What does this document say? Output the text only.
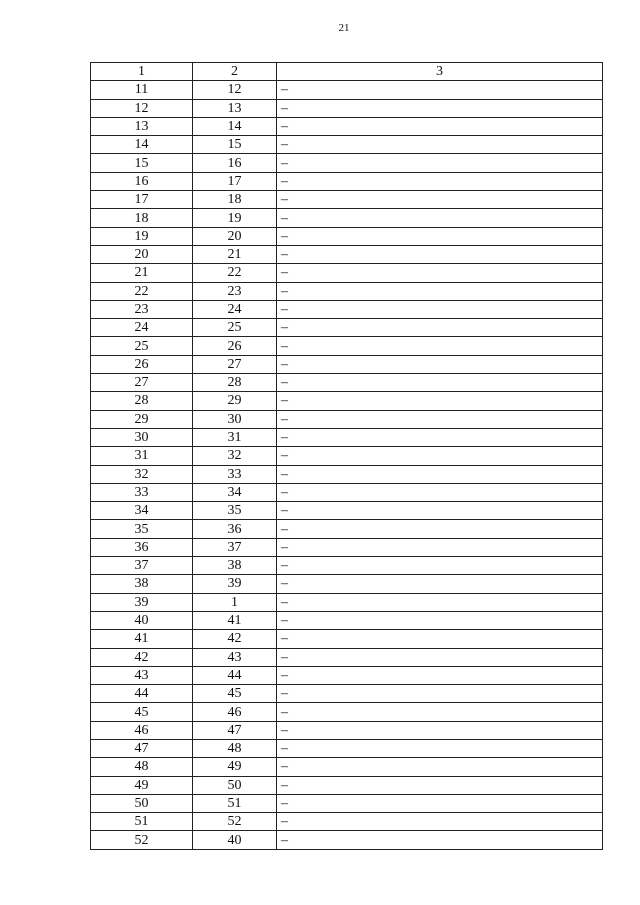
21
1	2	3
11	12	–
12	13	–
13	14	–
14	15	–
15	16	–
16	17	–
17	18	–
18	19	–
19	20	–
20	21	–
21	22	–
22	23	–
23	24	–
24	25	–
25	26	–
26	27	–
27	28	–
28	29	–
29	30	–
30	31	–
31	32	–
32	33	–
33	34	–
34	35	–
35	36	–
36	37	–
37	38	–
38	39	–
39	1	–
40	41	–
41	42	–
42	43	–
43	44	–
44	45	–
45	46	–
46	47	–
47	48	–
48	49	–
49	50	–
50	51	–
51	52	–
52	40	–
